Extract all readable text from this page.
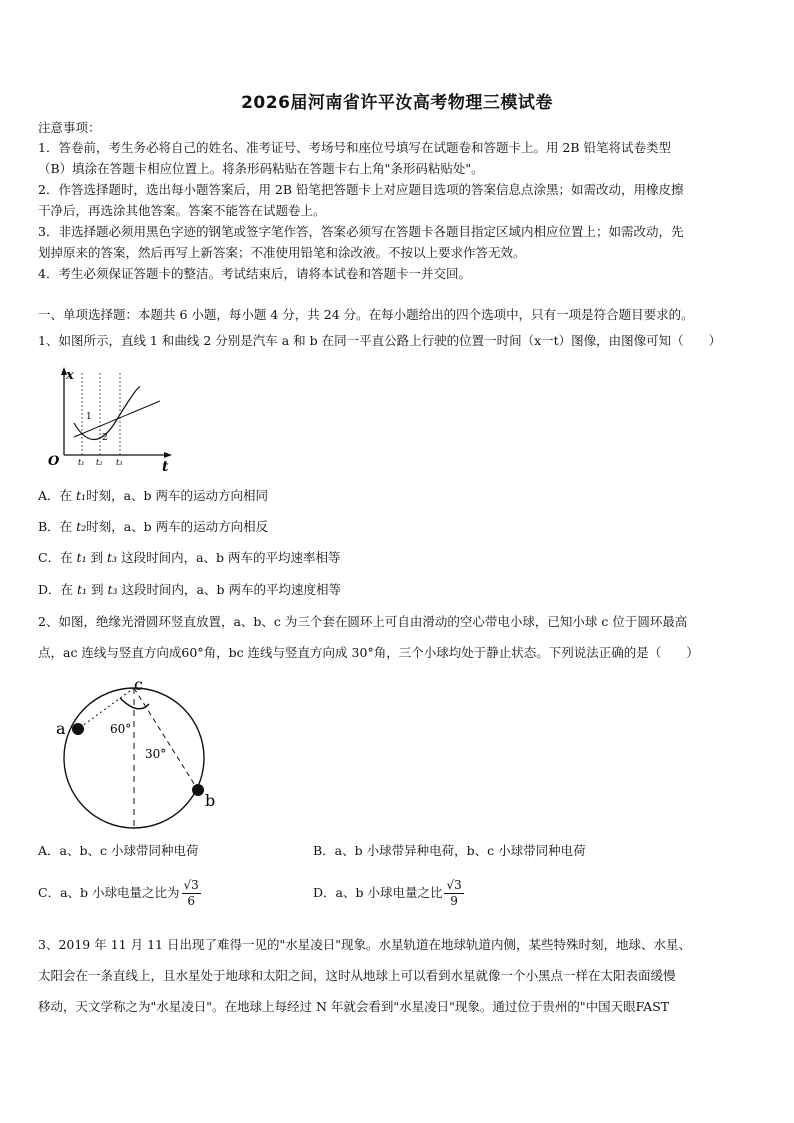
2026届河南省许平汝高考物理三模试卷
注意事项：
1．答卷前，考生务必将自己的姓名、准考证号、考场号和座位号填写在试题卷和答题卡上。用 2B 铅笔将试卷类型
（B）填涂在答题卡相应位置上。将条形码粘贴在答题卡右上角"条形码粘贴处"。
2．作答选择题时，选出每小题答案后，用 2B 铅笔把答题卡上对应题目选项的答案信息点涂黑；如需改动，用橡皮擦
干净后，再选涂其他答案。答案不能答在试题卷上。
3．非选择题必须用黑色字迹的钢笔或签字笔作答，答案必须写在答题卡各题目指定区域内相应位置上；如需改动，先
划掉原来的答案，然后再写上新答案；不准使用铅笔和涂改液。不按以上要求作答无效。
4．考生必须保证答题卡的整洁。考试结束后，请将本试卷和答题卡一并交回。
一、单项选择题：本题共 6 小题，每小题 4 分，共 24 分。在每小题给出的四个选项中，只有一项是符合题目要求的。
1、如图所示，直线 1 和曲线 2 分别是汽车 a 和 b 在同一平直公路上行驶的位置一时间（x一t）图像，由图像可知（　　）
x
t
O
1
2
t₁ t₂ t₃
A．在 t₁时刻，a、b 两车的运动方向相同
B．在 t₂时刻，a、b 两车的运动方向相反
C．在 t₁ 到 t₃ 这段时间内，a、b 两车的平均速率相等
D．在 t₁ 到 t₃ 这段时间内，a、b 两车的平均速度相等
2、如图，绝缘光滑圆环竖直放置，a、b、c 为三个套在圆环上可自由滑动的空心带电小球，已知小球 c 位于圆环最高
点，ac 连线与竖直方向成60°角，bc 连线与竖直方向成 30°角，三个小球均处于静止状态。下列说法正确的是（　　）
a
b
c
60°
30°
A．a、b、c 小球带同种电荷	B．a、b 小球带异种电荷，b、c 小球带同种电荷
C．a、b 小球电量之比为 $\frac{√3}{6}$	D．a、b 小球电量之比 $\frac{√3}{9}$
3、2019 年 11 月 11 日出现了难得一见的"水星凌日"现象。水星轨道在地球轨道内侧，某些特殊时刻，地球、水星、
太阳会在一条直线上，且水星处于地球和太阳之间，这时从地球上可以看到水星就像一个小黑点一样在太阳表面缓慢
移动，天文学称之为"水星凌日"。在地球上每经过 N 年就会看到"水星凌日"现象。通过位于贵州的"中国天眼FAST
